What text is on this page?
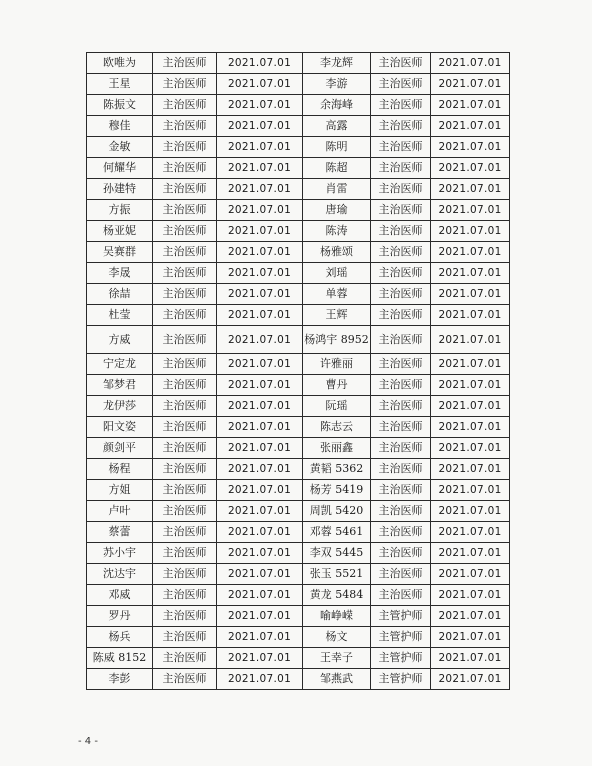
欧唯为	主治医师	2021.07.01	李龙辉	主治医师	2021.07.01
王星	主治医师	2021.07.01	李游	主治医师	2021.07.01
陈振文	主治医师	2021.07.01	余海峰	主治医师	2021.07.01
穆佳	主治医师	2021.07.01	高露	主治医师	2021.07.01
金敏	主治医师	2021.07.01	陈明	主治医师	2021.07.01
何耀华	主治医师	2021.07.01	陈超	主治医师	2021.07.01
孙建特	主治医师	2021.07.01	肖雷	主治医师	2021.07.01
方振	主治医师	2021.07.01	唐瑜	主治医师	2021.07.01
杨亚妮	主治医师	2021.07.01	陈涛	主治医师	2021.07.01
吴赛群	主治医师	2021.07.01	杨雅颂	主治医师	2021.07.01
李晟	主治医师	2021.07.01	刘瑶	主治医师	2021.07.01
徐喆	主治医师	2021.07.01	单蓉	主治医师	2021.07.01
杜莹	主治医师	2021.07.01	王辉	主治医师	2021.07.01
方威	主治医师	2021.07.01	杨鸿宇 8952	主治医师	2021.07.01
宁定龙	主治医师	2021.07.01	许雅丽	主治医师	2021.07.01
邹梦君	主治医师	2021.07.01	曹丹	主治医师	2021.07.01
龙伊莎	主治医师	2021.07.01	阮瑶	主治医师	2021.07.01
阳文姿	主治医师	2021.07.01	陈志云	主治医师	2021.07.01
颜剑平	主治医师	2021.07.01	张丽鑫	主治医师	2021.07.01
杨程	主治医师	2021.07.01	黄韬 5362	主治医师	2021.07.01
方姐	主治医师	2021.07.01	杨芳 5419	主治医师	2021.07.01
卢叶	主治医师	2021.07.01	周凯 5420	主治医师	2021.07.01
蔡蕾	主治医师	2021.07.01	邓蓉 5461	主治医师	2021.07.01
苏小宇	主治医师	2021.07.01	李双 5445	主治医师	2021.07.01
沈达宇	主治医师	2021.07.01	张玉 5521	主治医师	2021.07.01
邓威	主治医师	2021.07.01	黄龙 5484	主治医师	2021.07.01
罗丹	主治医师	2021.07.01	喻峥嵘	主管护师	2021.07.01
杨兵	主治医师	2021.07.01	杨文	主管护师	2021.07.01
陈威 8152	主治医师	2021.07.01	王幸子	主管护师	2021.07.01
李彭	主治医师	2021.07.01	邹燕武	主管护师	2021.07.01
- 4 -
